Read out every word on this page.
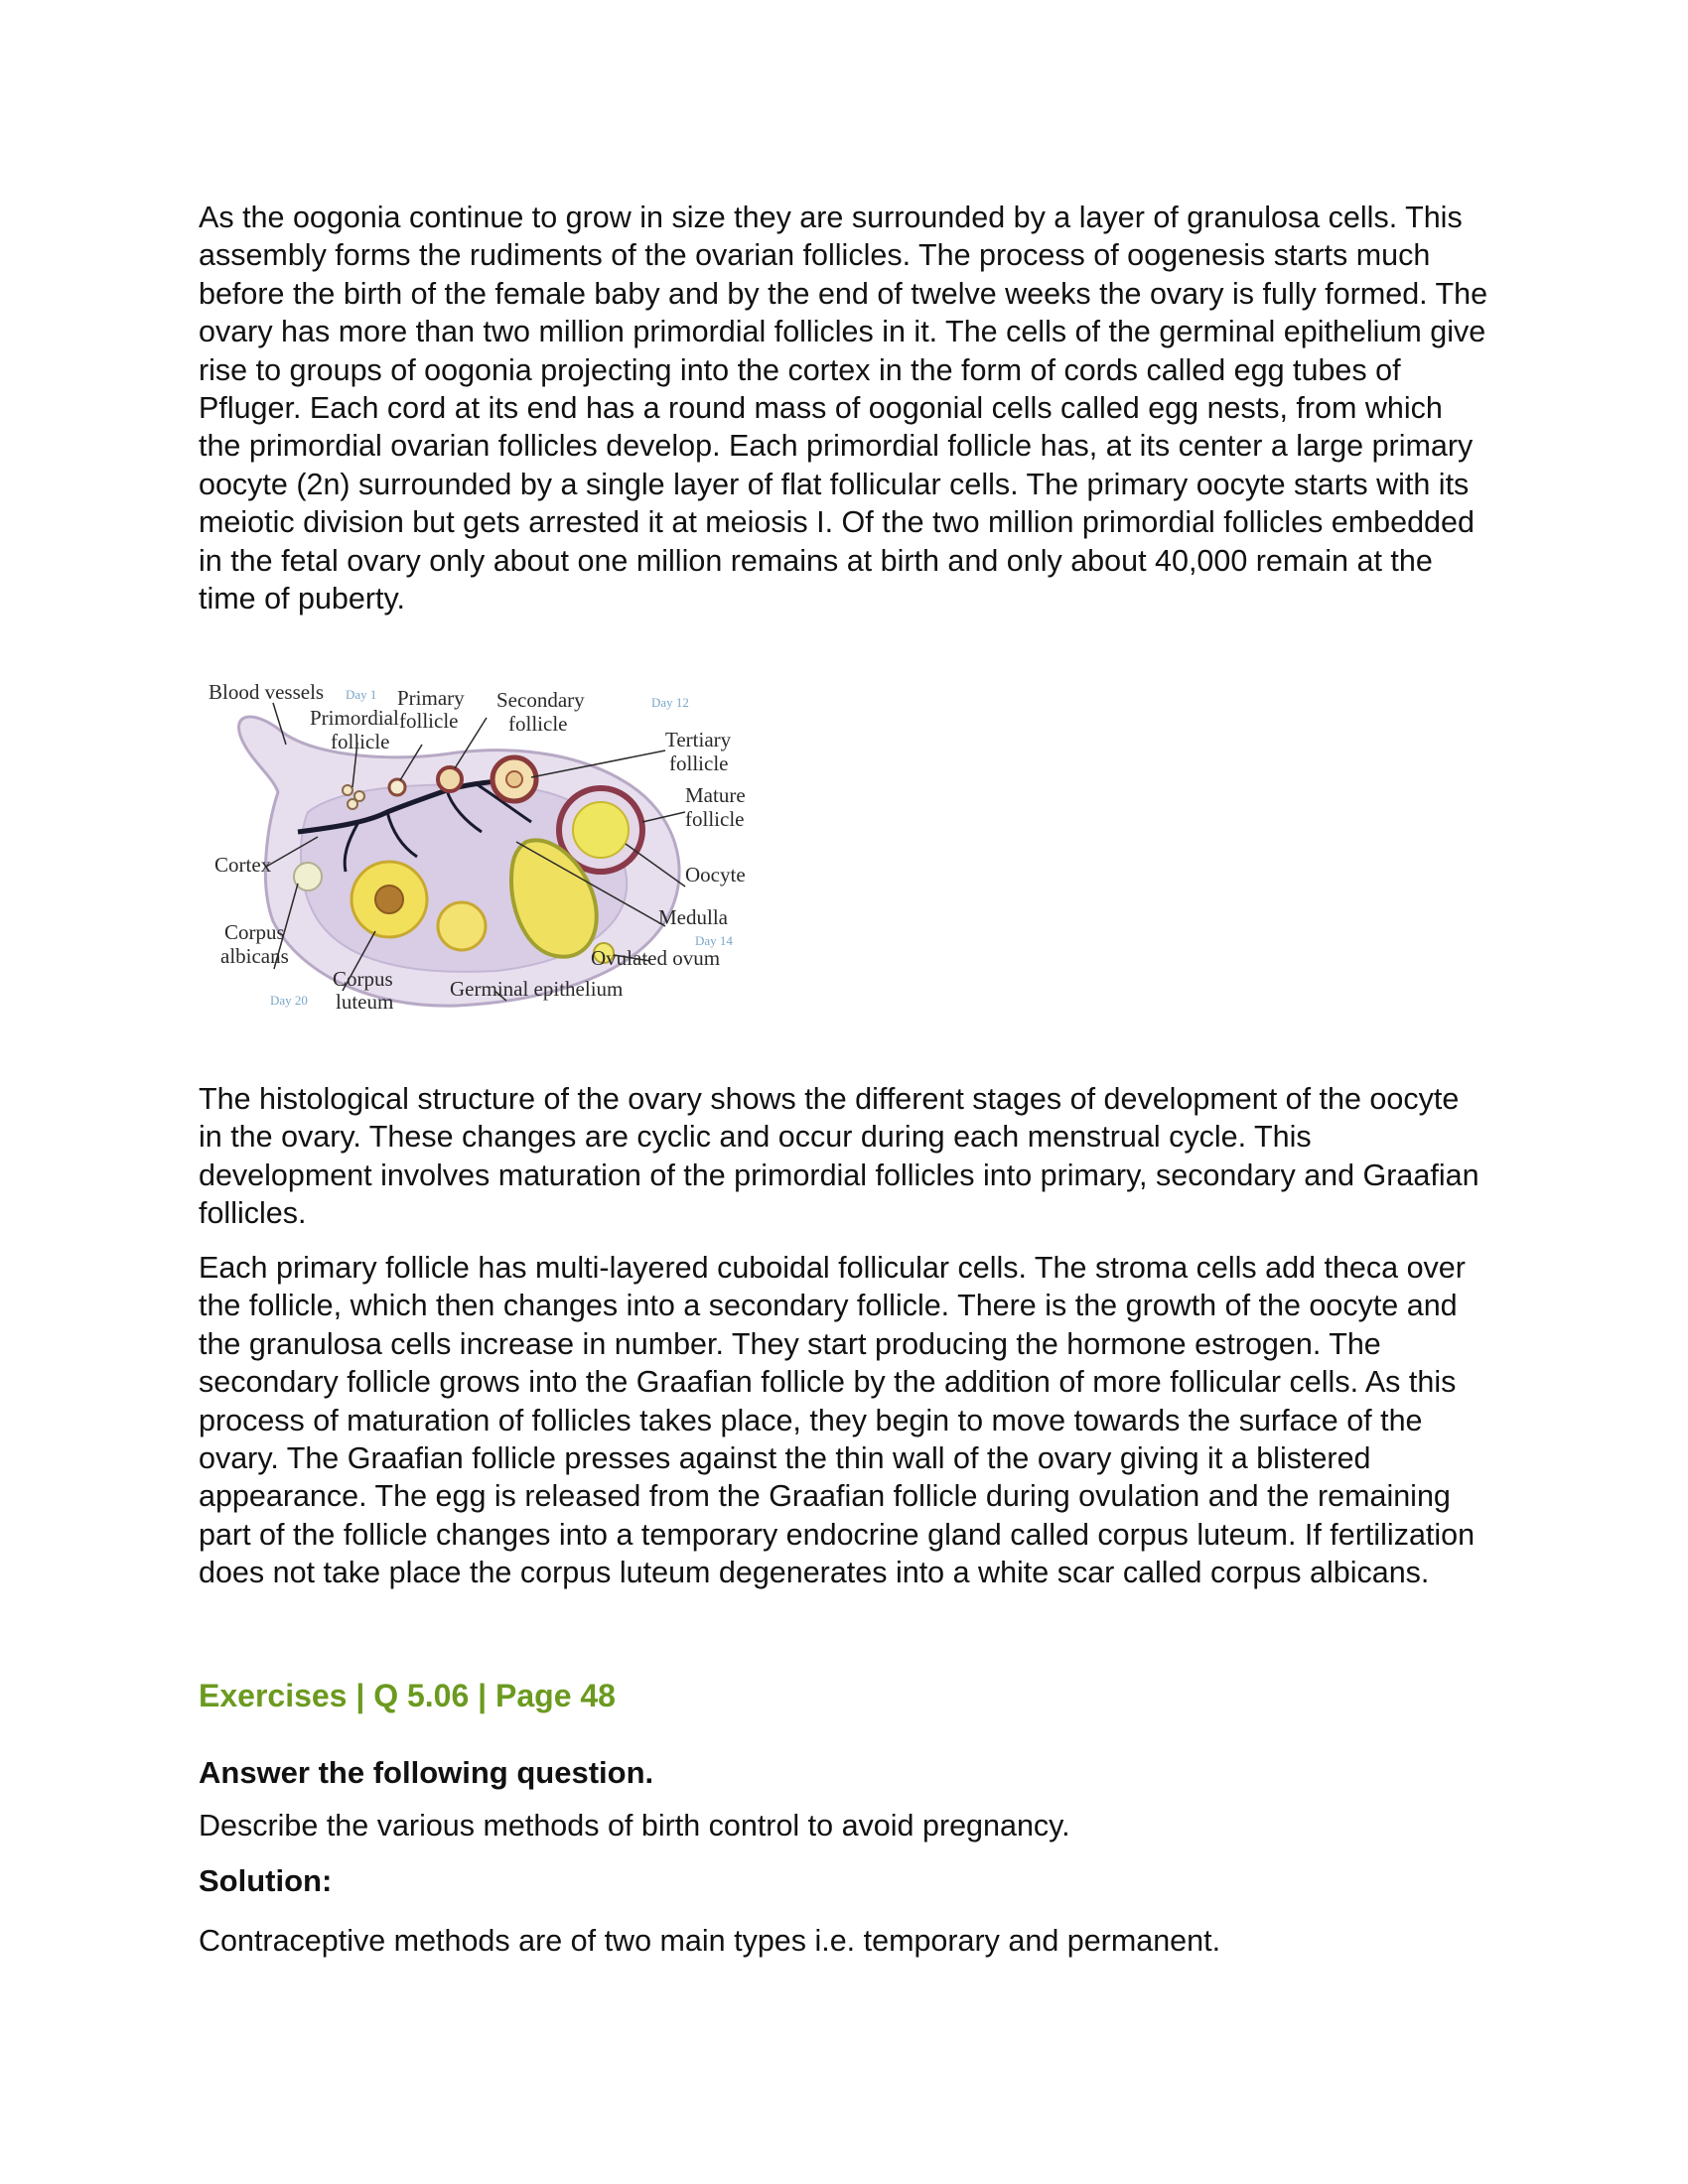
As the oogonia continue to grow in size they are surrounded by a layer of granulosa cells. This assembly forms the rudiments of the ovarian follicles. The process of oogenesis starts much before the birth of the female baby and by the end of twelve weeks the ovary is fully formed. The ovary has more than two million primordial follicles in it. The cells of the germinal epithelium give rise to groups of oogonia projecting into the cortex in the form of cords called egg tubes of Pfluger. Each cord at its end has a round mass of oogonial cells called egg nests, from which the primordial ovarian follicles develop. Each primordial follicle has, at its center a large primary oocyte (2n) surrounded by a single layer of flat follicular cells. The primary oocyte starts with its meiotic division but gets arrested it at meiosis I. Of the two million primordial follicles embedded in the fetal ovary only about one million remains at birth and only about 40,000 remain at the time of puberty.

Blood vessels Day 1 Primary
follicle
Secondary	Day 12
follicle
Primordial
follicle	Tertiary
follicle
Mature
follicle
Oocyte
Medulla
Day 14
Ovulated ovum
Cortex
Corpus
albicans
Corpus
Day 20 luteum
Germinal epithelium

The histological structure of the ovary shows the different stages of development of the oocyte in the ovary. These changes are cyclic and occur during each menstrual cycle. This development involves maturation of the primordial follicles into primary, secondary and Graafian follicles.

Each primary follicle has multi-layered cuboidal follicular cells. The stroma cells add theca over the follicle, which then changes into a secondary follicle. There is the growth of the oocyte and the granulosa cells increase in number. They start producing the hormone estrogen. The secondary follicle grows into the Graafian follicle by the addition of more follicular cells. As this process of maturation of follicles takes place, they begin to move towards the surface of the ovary. The Graafian follicle presses against the thin wall of the ovary giving it a blistered appearance. The egg is released from the Graafian follicle during ovulation and the remaining part of the follicle changes into a temporary endocrine gland called corpus luteum. If fertilization does not take place the corpus luteum degenerates into a white scar called corpus albicans.

Exercises | Q 5.06 | Page 48

Answer the following question.

Describe the various methods of birth control to avoid pregnancy.

Solution:

Contraceptive methods are of two main types i.e. temporary and permanent.
